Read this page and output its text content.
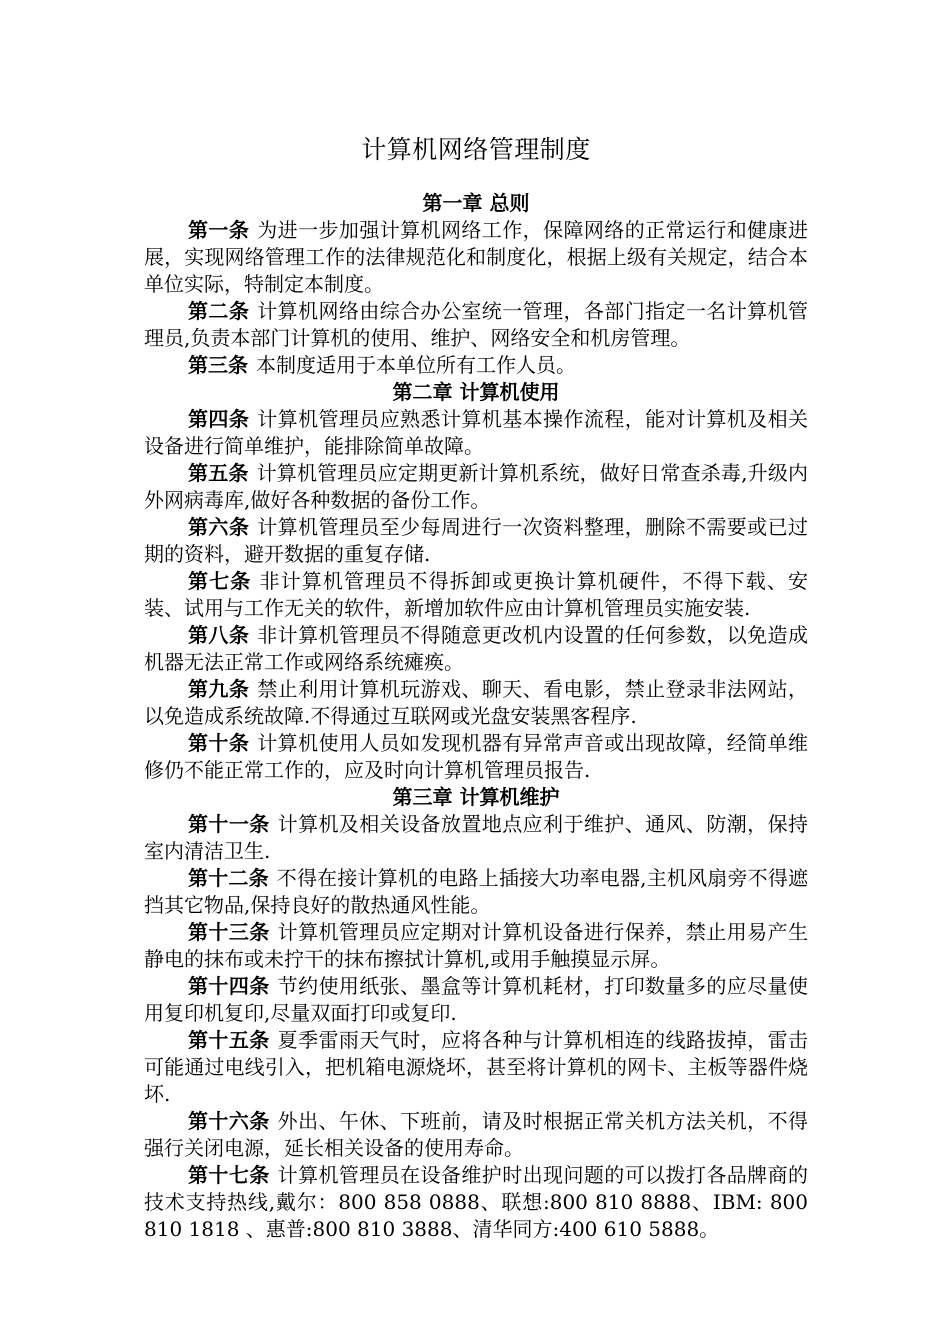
计算机网络管理制度
第一章 总则
第一条 为进一步加强计算机网络工作，保障网络的正常运行和健康进展，实现网络管理工作的法律规范化和制度化，根据上级有关规定，结合本单位实际，特制定本制度。
第二条 计算机网络由综合办公室统一管理，各部门指定一名计算机管理员,负责本部门计算机的使用、维护、网络安全和机房管理。
第三条 本制度适用于本单位所有工作人员。
第二章 计算机使用
第四条 计算机管理员应熟悉计算机基本操作流程，能对计算机及相关设备进行简单维护，能排除简单故障。
第五条 计算机管理员应定期更新计算机系统，做好日常查杀毒,升级内外网病毒库,做好各种数据的备份工作。
第六条 计算机管理员至少每周进行一次资料整理，删除不需要或已过期的资料，避开数据的重复存储.
第七条 非计算机管理员不得拆卸或更换计算机硬件，不得下载、安装、试用与工作无关的软件，新增加软件应由计算机管理员实施安装.
第八条 非计算机管理员不得随意更改机内设置的任何参数，以免造成机器无法正常工作或网络系统瘫痪。
第九条 禁止利用计算机玩游戏、聊天、看电影，禁止登录非法网站，以免造成系统故障.不得通过互联网或光盘安装黑客程序.
第十条 计算机使用人员如发现机器有异常声音或出现故障，经简单维修仍不能正常工作的，应及时向计算机管理员报告.
第三章 计算机维护
第十一条 计算机及相关设备放置地点应利于维护、通风、防潮，保持室内清洁卫生.
第十二条 不得在接计算机的电路上插接大功率电器,主机风扇旁不得遮挡其它物品,保持良好的散热通风性能。
第十三条 计算机管理员应定期对计算机设备进行保养，禁止用易产生静电的抹布或未拧干的抹布擦拭计算机,或用手触摸显示屏。
第十四条 节约使用纸张、墨盒等计算机耗材，打印数量多的应尽量使用复印机复印,尽量双面打印或复印.
第十五条 夏季雷雨天气时，应将各种与计算机相连的线路拔掉，雷击可能通过电线引入，把机箱电源烧坏，甚至将计算机的网卡、主板等器件烧坏.
第十六条 外出、午休、下班前，请及时根据正常关机方法关机，不得强行关闭电源，延长相关设备的使用寿命。
第十七条 计算机管理员在设备维护时出现问题的可以拨打各品牌商的技术支持热线,戴尔：800 858 0888、联想:800 810 8888、IBM: 800 810 1818 、惠普:800 810 3888、清华同方:400 610 5888。
